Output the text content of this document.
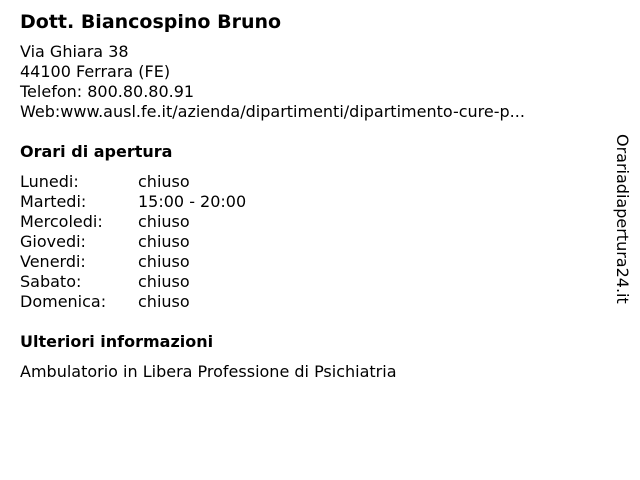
Dott. Biancospino Bruno
Via Ghiara 38
44100 Ferrara (FE)
Telefon: 800.80.80.91
Web: www.ausl.fe.it/azienda/dipartimenti/dipartimento-cure-p...
Orari di apertura
Lunedi:	chiuso
Martedi:	15:00 - 20:00
Mercoledi:	chiuso
Giovedi:	chiuso
Venerdi:	chiuso
Sabato:	chiuso
Domenica:	chiuso
Ulteriori informazioni
Ambulatorio in Libera Professione di Psichiatria
Orariadiapertura24.it
